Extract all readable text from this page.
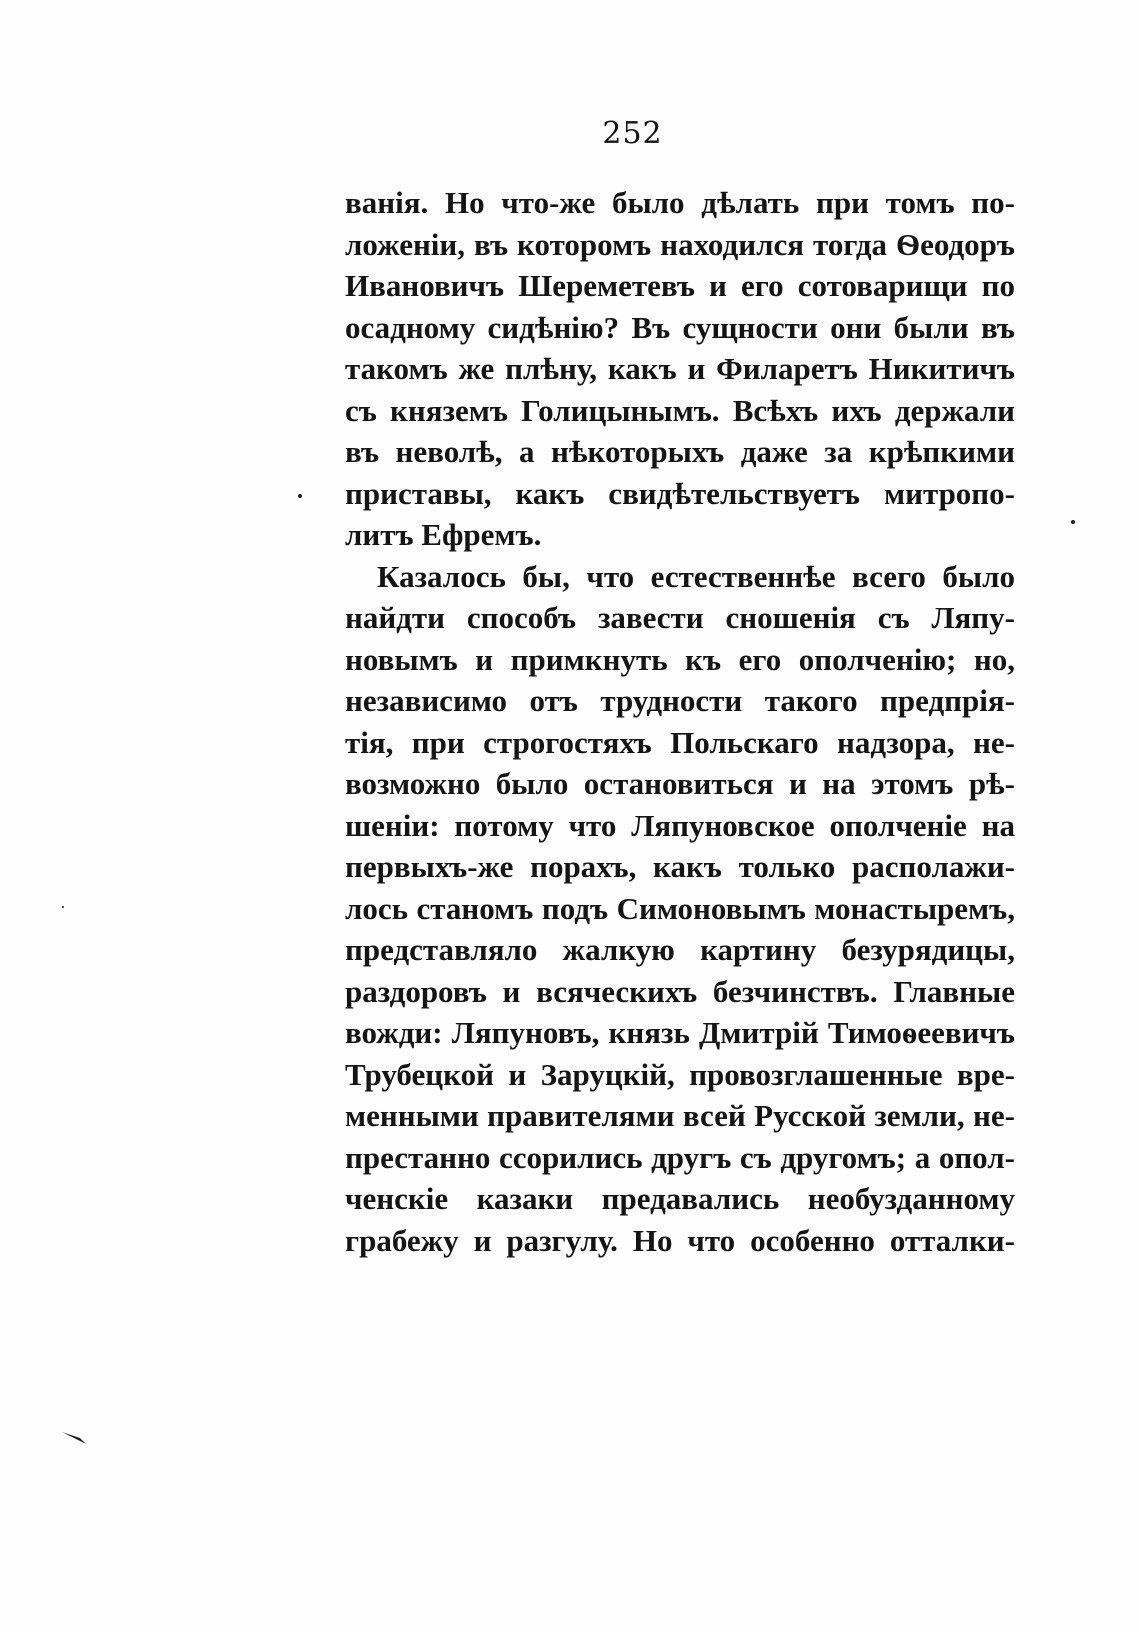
252
ванія. Но что-же было дѣлать при томъ по-
ложеніи, въ которомъ находился тогда Ѳеодоръ
Ивановичъ Шереметевъ и его сотоварищи по
осадному сидѣнію? Въ сущности они были въ
такомъ же плѣну, какъ и Филаретъ Никитичъ
съ княземъ Голицынымъ. Всѣхъ ихъ держали
въ неволѣ, а нѣкоторыхъ даже за крѣпкими
приставы, какъ свидѣтельствуетъ митропо-
литъ Ефремъ.
Казалось бы, что естественнѣе всего было
найдти способъ завести сношенія съ Ляпу-
новымъ и примкнуть къ его ополченію; но,
независимо отъ трудности такого предпрія-
тія, при строгостяхъ Польскаго надзора, не-
возможно было остановиться и на этомъ рѣ-
шеніи: потому что Ляпуновское ополченіе на
первыхъ-же порахъ, какъ только располажи-
лось станомъ подъ Симоновымъ монастыремъ,
представляло жалкую картину безурядицы,
раздоровъ и всяческихъ безчинствъ. Главные
вожди: Ляпуновъ, князь Дмитрій Тимоѳеевичъ
Трубецкой и Заруцкій, провозглашенные вре-
менными правителями всей Русской земли, не-
престанно ссорились другъ съ другомъ; а опол-
ченскіе казаки предавались необузданному
грабежу и разгулу. Но что особенно отталки-
